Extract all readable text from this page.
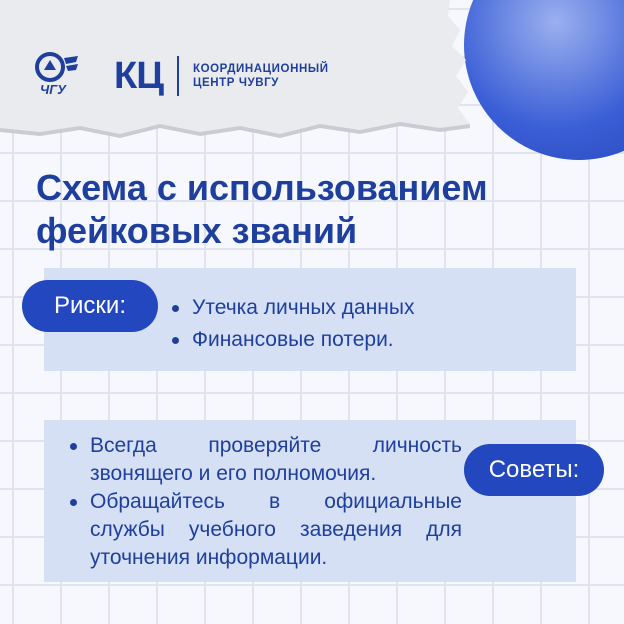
ЧГУ КЦ	КООРДИНАЦИОННЫЙ
ЦЕНТР ЧУВГУ
Схема с использованием
фейковых званий
Риски:	Утечка личных данных
Финансовые потери.
Всегда проверяйте личность звонящего и его полномочия.
Обращайтесь в официальные службы учебного заведения для уточнения информации.
Советы:
